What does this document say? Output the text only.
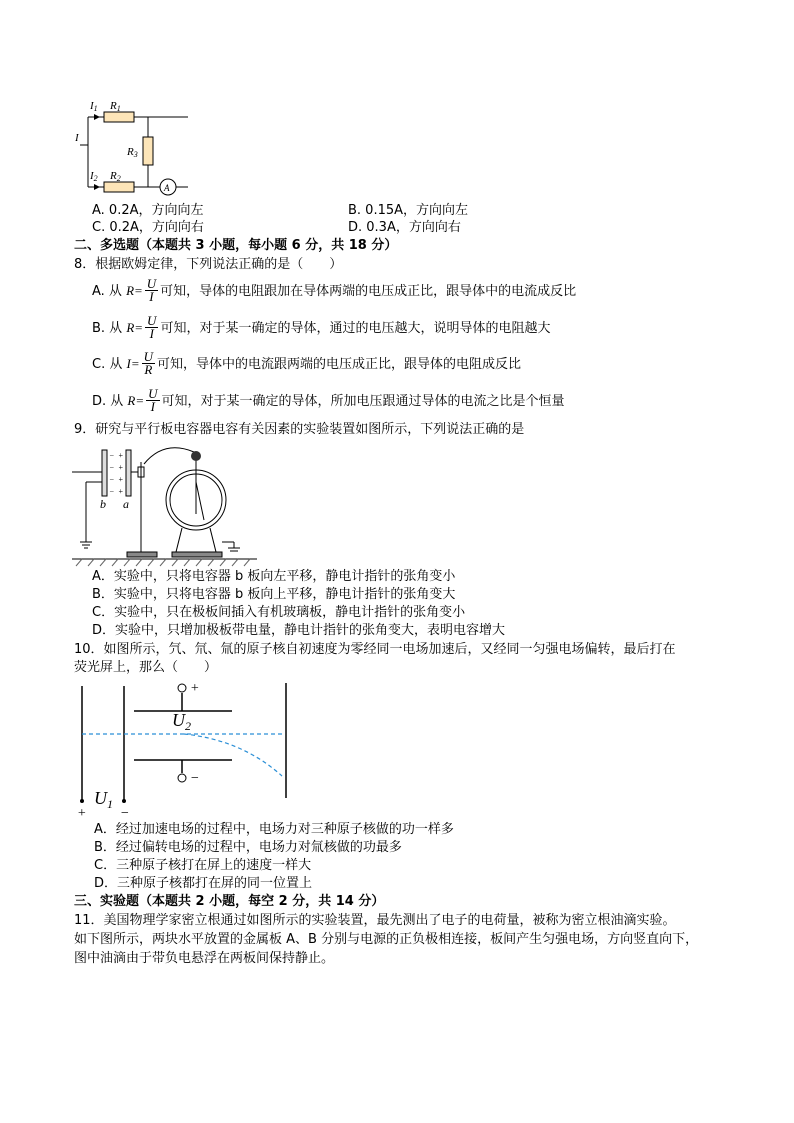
I
I1 R1
R3
I2 R2
A
A. 0.2A，方向向左	B. 0.15A，方向向左
C. 0.2A，方向向右	D. 0.3A，方向向右
二、多选题（本题共 3 小题，每小题 6 分，共 18 分）
8．根据欧姆定律，下列说法正确的是（　　）
A. 从 $R= \frac{U}{I}$ 可知，导体的电阻跟加在导体两端的电压成正比，跟导体中的电流成反比
B. 从 $R= \frac{U}{I}$ 可知，对于某一确定的导体，通过的电压越大，说明导体的电阻越大
C. 从 $I= \frac{U}{R}$ 可知，导体中的电流跟两端的电压成正比，跟导体的电阻成反比
D. 从 $R= \frac{U}{I}$ 可知，对于某一确定的导体，所加电压跟通过导体的电流之比是个恒量
9．研究与平行板电容器电容有关因素的实验装置如图所示，下列说法正确的是
+
+
+
+
−
−
−
−
b a
A．实验中，只将电容器 b 板向左平移，静电计指针的张角变小
B．实验中，只将电容器 b 板向上平移，静电计指针的张角变大
C．实验中，只在极板间插入有机玻璃板，静电计指针的张角变小
D．实验中，只增加极板带电量，静电计指针的张角变大，表明电容增大
10．如图所示，氕、氘、氚的原子核自初速度为零经同一电场加速后，又经同一匀强电场偏转，最后打在
荧光屏上，那么（　　）
+
−
$U_2$
$U_1$
+ −
A．经过加速电场的过程中，电场力对三种原子核做的功一样多
B．经过偏转电场的过程中，电场力对氚核做的功最多
C．三种原子核打在屏上的速度一样大
D．三种原子核都打在屏的同一位置上
三、实验题（本题共 2 小题，每空 2 分，共 14 分）
11．美国物理学家密立根通过如图所示的实验装置，最先测出了电子的电荷量，被称为密立根油滴实验。
如下图所示，两块水平放置的金属板 A、B 分别与电源的正负极相连接，板间产生匀强电场，方向竖直向下，
图中油滴由于带负电悬浮在两板间保持静止。
